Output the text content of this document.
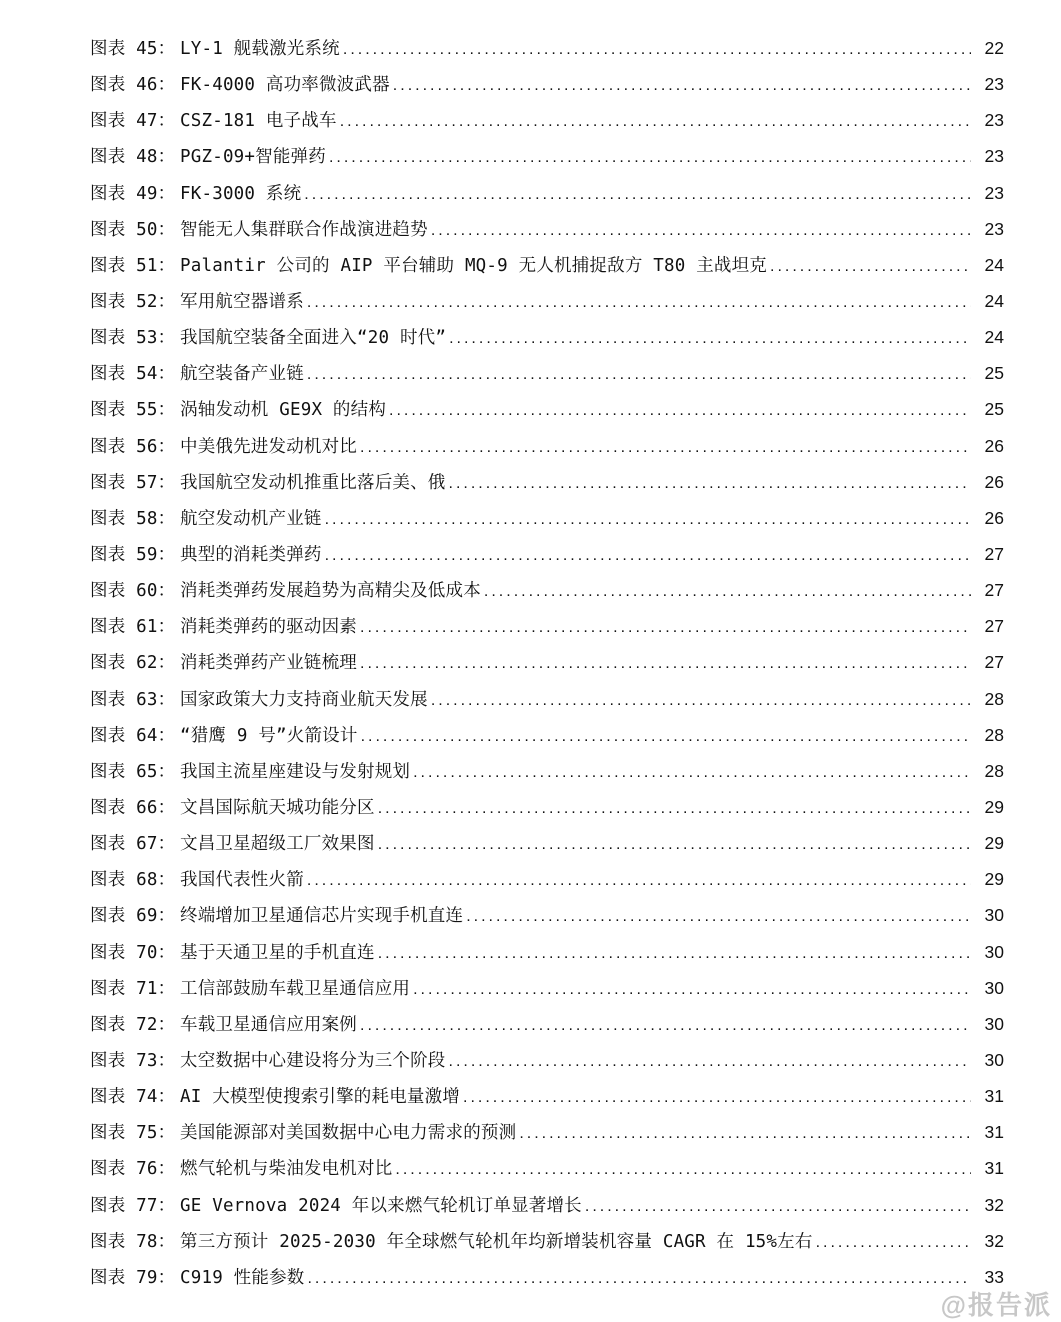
图表 45： LY-1 舰载激光系统 .....	22
图表 46： FK-4000 高功率微波武器 .....	23
图表 47： CSZ-181 电子战车 .....	23
图表 48： PGZ-09+智能弹药 .....	23
图表 49： FK-3000 系统 .....	23
图表 50： 智能无人集群联合作战演进趋势 .....	23
图表 51： Palantir 公司的 AIP 平台辅助 MQ-9 无人机捕捉敌方 T80 主战坦克 .....	24
图表 52： 军用航空器谱系 .....	24
图表 53： 我国航空装备全面进入“20 时代” .....	24
图表 54： 航空装备产业链 .....	25
图表 55： 涡轴发动机 GE9X 的结构 .....	25
图表 56： 中美俄先进发动机对比 .....	26
图表 57： 我国航空发动机推重比落后美、俄 .....	26
图表 58： 航空发动机产业链 .....	26
图表 59： 典型的消耗类弹药 .....	27
图表 60： 消耗类弹药发展趋势为高精尖及低成本 .....	27
图表 61： 消耗类弹药的驱动因素 .....	27
图表 62： 消耗类弹药产业链梳理 .....	27
图表 63： 国家政策大力支持商业航天发展 .....	28
图表 64： “猎鹰 9 号”火箭设计 .....	28
图表 65： 我国主流星座建设与发射规划 .....	28
图表 66： 文昌国际航天城功能分区 .....	29
图表 67： 文昌卫星超级工厂效果图 .....	29
图表 68： 我国代表性火箭 .....	29
图表 69： 终端增加卫星通信芯片实现手机直连 .....	30
图表 70： 基于天通卫星的手机直连 .....	30
图表 71： 工信部鼓励车载卫星通信应用 .....	30
图表 72： 车载卫星通信应用案例 .....	30
图表 73： 太空数据中心建设将分为三个阶段 .....	30
图表 74： AI 大模型使搜索引擎的耗电量激增 .....	31
图表 75： 美国能源部对美国数据中心电力需求的预测 .....	31
图表 76： 燃气轮机与柴油发电机对比 .....	31
图表 77： GE Vernova 2024 年以来燃气轮机订单显著增长 .....	32
图表 78： 第三方预计 2025-2030 年全球燃气轮机年均新增装机容量 CAGR 在 15%左右 .....	32
图表 79： C919 性能参数 .....	33
@报告派
